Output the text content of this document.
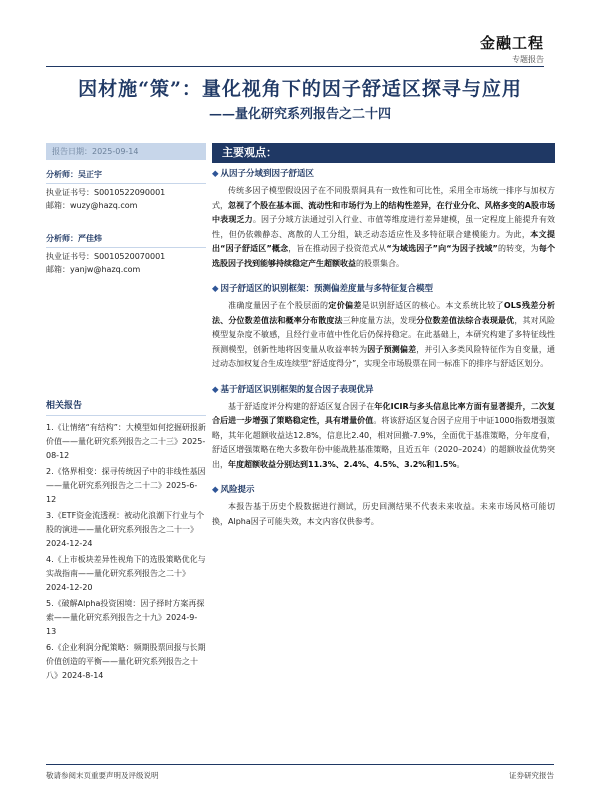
金融工程
专题报告
因材施“策”：量化视角下的因子舒适区探寻与应用
——量化研究系列报告之二十四
报告日期：2025-09-14
分析师：吴正宇
执业证书号：S0010522090001
邮箱：wuzy@hazq.com
分析师：严佳炜
执业证书号：S0010520070001
邮箱：yanjw@hazq.com
相关报告
1.《让情绪“有结构”：大模型如何挖掘研报新价值——量化研究系列报告之二十三》2025-08-12
2.《恪界相变：探寻传统因子中的非线性基因——量化研究系列报告之二十二》2025-6-12
3.《ETF资金流透视：被动化浪潮下行业与个股的演进——量化研究系列报告之二十一》2024-12-24
4.《上市板块差异性视角下的选股策略优化与实战指南——量化研究系列报告之二十》2024-12-20
5.《破解Alpha投资困境：因子择时方案再探索——量化研究系列报告之十九》2024-9-13
6.《企业利润分配策略：频期股票回报与长期价值创造的平衡——量化研究系列报告之十八》2024-8-14
主要观点：
◆ 从因子分域到因子舒适区
传统多因子模型假设因子在不同股票间具有一致性和可比性，采用全市场统一排序与加权方式，忽视了个股在基本面、流动性和市场行为上的结构性差异，在行业分化、风格多变的A股市场中表现乏力。因子分域方法通过引入行业、市值等维度进行差异建模，虽一定程度上能提升有效性，但仍依赖静态、离散的人工分组，缺乏动态适应性及多特征联合建模能力。为此，本文提出“因子舒适区”概念，旨在推动因子投资范式从“为域选因子”向“为因子找域”的转变，为每个选股因子找到能够持续稳定产生超额收益的股票集合。
◆ 因子舒适区的识别框架：预测偏差度量与多特征复合模型
准确度量因子在个股层面的定价偏差是识别舒适区的核心。本文系统比较了OLS残差分析法、分位数差值法和概率分布散度法三种度量方法，发现分位数差值法综合表现最优，其对风险模型复杂度不敏感，且经行业市值中性化后仍保持稳定。在此基础上，本研究构建了多特征线性预测模型，创新性地将因变量从收益率转为因子预测偏差，并引入多类风险特征作为自变量，通过动态加权复合生成连续型“舒适度得分”，实现全市场股票在同一标准下的排序与舒适区划分。
◆ 基于舒适区识别框架的复合因子表现优异
基于舒适度评分构建的舒适区复合因子在年化ICIR与多头信息比率方面有显著提升，二次复合后进一步增强了策略稳定性，具有增量价值。将该舒适区复合因子应用于中证1000指数增强策略，其年化超额收益达12.8%，信息比2.40，相对回撤-7.9%，全面优于基准策略，分年度看，舒适区增强策略在绝大多数年份中能战胜基准策略，且近五年（2020–2024）的超额收益优势突出，年度超额收益分别达到11.3%、2.4%、4.5%、3.2%和1.5%。
◆ 风险提示
本报告基于历史个股数据进行测试，历史回测结果不代表未来收益。未来市场风格可能切换，Alpha因子可能失效，本文内容仅供参考。
敬请参阅末页重要声明及评级说明	证券研究报告
